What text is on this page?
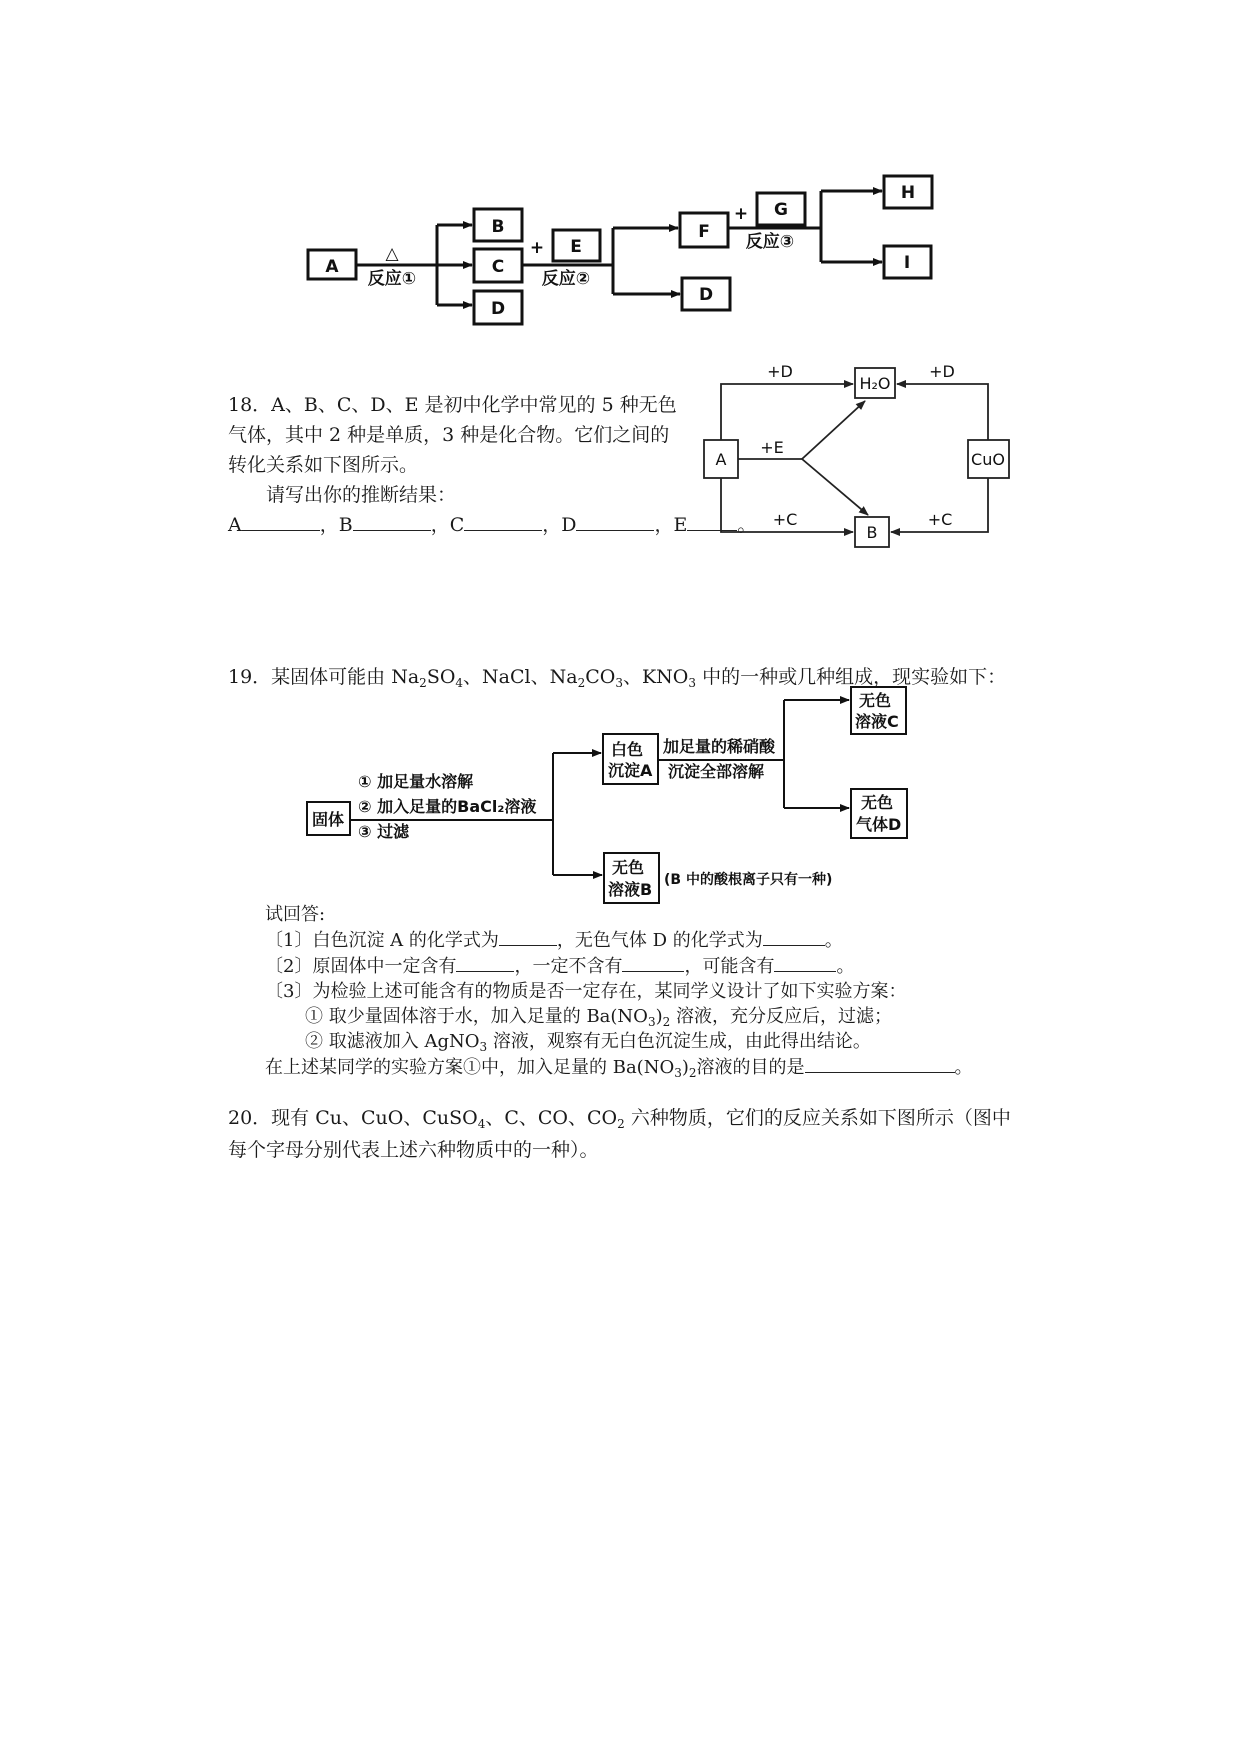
A
B
C
D
E
F
G
D
H
I
△
反应①
+
反应②
+
反应③

18．A、B、C、D、E 是初中化学中常见的 5 种无色

气体，其中 2 种是单质，3 种是化合物。它们之间的

转化关系如下图所示。

请写出你的推断结果：

A	，B	，C	，D	，E	。

A
H₂O
CuO
B
+D	+D
+E
+C	+C

19．某固体可能由 $Na_2SO_4$、NaCl、$Na_2CO_3$、$KNO_3$ 中的一种或几种组成，现实验如下：

固体
① 加足量水溶解
② 加入足量的BaCl₂溶液
③ 过滤
白色
沉淀A
加足量的稀硝酸
沉淀全部溶解
无色
溶液C
无色
气体D
无色
溶液B (B 中的酸根离子只有一种)

试回答:

〔1〕白色沉淀 A 的化学式为	，无色气体 D 的化学式为	。

〔2〕原固体中一定含有	，一定不含有	，可能含有	。

〔3〕为检验上述可能含有的物质是否一定存在，某同学义设计了如下实验方案：

① 取少量固体溶于水，加入足量的 $Ba(NO_3)_2$ 溶液，充分反应后，过滤；

② 取滤液加入 AgNO$_3$ 溶液，观察有无白色沉淀生成，由此得出结论。

在上述某同学的实验方案①中，加入足量的 $Ba(NO_3)_2$溶液的目的是	。

20．现有 Cu、CuO、CuSO$_4$、C、CO、$CO_2$ 六种物质，它们的反应关系如下图所示（图中

每个字母分别代表上述六种物质中的一种）。
